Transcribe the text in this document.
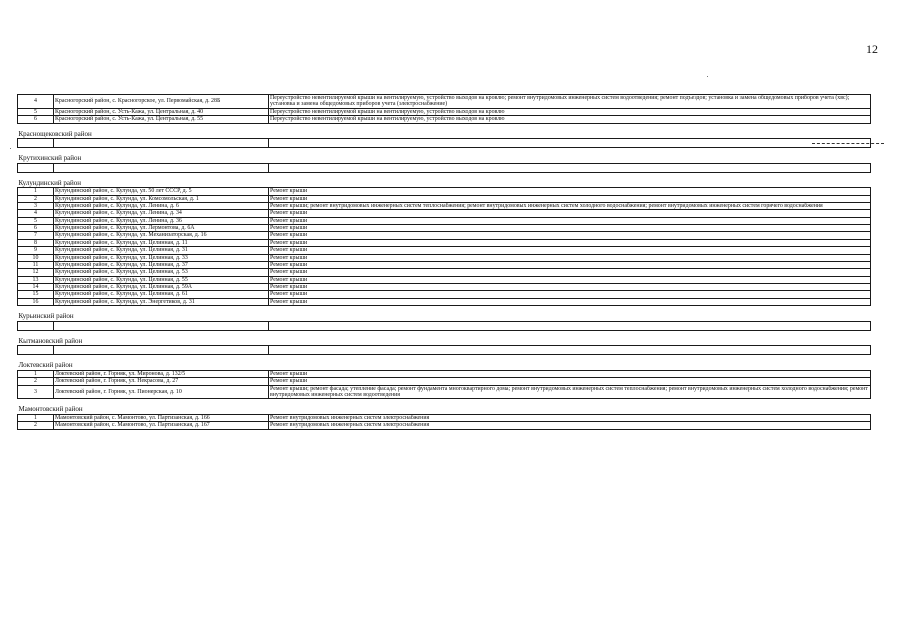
12
4	Красногорский район, с. Красногорское, ул. Первомайская, д. 28Б	Переустройство невентилируемой крыши на вентилируемую, устройство выходов на кровлю; ремонт внутридомовых инженерных систем водоотведения; ремонт подъездов; установка и замена общедомовых приборов учета (хвс); установка и замена общедомовых приборов учета (электроснабжение)
5	Красногорский район, с. Усть-Кажа, ул. Центральная, д. 40	Переустройство невентилируемой крыши на вентилируемую, устройство выходов на кровлю
6	Красногорский район, с. Усть-Кажа, ул. Центральная, д. 55	Переустройство невентилируемой крыши на вентилируемую, устройство выходов на кровлю
Краснощековский район		

Крутихинский район		

Кулундинский район		
1	Кулундинский район, с. Кулунда, ул. 50 лет СССР, д. 5	Ремонт крыши
2	Кулундинский район, с. Кулунда, ул. Комсомольская, д. 1	Ремонт крыши
3	Кулундинский район, с. Кулунда, ул. Ленина, д. 6	Ремонт крыши; ремонт внутридомовых инженерных систем теплоснабжения; ремонт внутридомовых инженерных систем холодного водоснабжения; ремонт внутридомовых инженерных систем горячего водоснабжения
4	Кулундинский район, с. Кулунда, ул. Ленина, д. 34	Ремонт крыши
5	Кулундинский район, с. Кулунда, ул. Ленина, д. 36	Ремонт крыши
6	Кулундинский район, с. Кулунда, ул. Лермонтова, д. 6А	Ремонт крыши
7	Кулундинский район, с. Кулунда, ул. Механизаторская, д. 16	Ремонт крыши
8	Кулундинский район, с. Кулунда, ул. Целинная, д. 11	Ремонт крыши
9	Кулундинский район, с. Кулунда, ул. Целинная, д. 31	Ремонт крыши
10	Кулундинский район, с. Кулунда, ул. Целинная, д. 33	Ремонт крыши
11	Кулундинский район, с. Кулунда, ул. Целинная, д. 37	Ремонт крыши
12	Кулундинский район, с. Кулунда, ул. Целинная, д. 53	Ремонт крыши
13	Кулундинский район, с. Кулунда, ул. Целинная, д. 55	Ремонт крыши
14	Кулундинский район, с. Кулунда, ул. Целинная, д. 59А	Ремонт крыши
15	Кулундинский район, с. Кулунда, ул. Целинная, д. 61	Ремонт крыши
16	Кулундинский район, с. Кулунда, ул. Энергетиков, д. 31	Ремонт крыши
Курьинский район		

Кытмановский район		

Локтевский район		
1	Локтевский район, г. Горняк, ул. Миронова, д. 132/5	Ремонт крыши
2	Локтевский район, г. Горняк, ул. Некрасова, д. 27	Ремонт крыши
3	Локтевский район, г. Горняк, ул. Пионерская, д. 10	Ремонт крыши; ремонт фасада; утепление фасада; ремонт фундамента многоквартирного дома; ремонт внутридомовых инженерных систем теплоснабжения; ремонт внутридомовых инженерных систем холодного водоснабжения; ремонт внутридомовых инженерных систем водоотведения
Мамонтовский район		
1	Мамонтовский район, с. Мамонтово, ул. Партизанская, д. 166	Ремонт внутридомовых инженерных систем электроснабжения
2	Мамонтовский район, с. Мамонтово, ул. Партизанская, д. 167	Ремонт внутридомовых инженерных систем электроснабжения
